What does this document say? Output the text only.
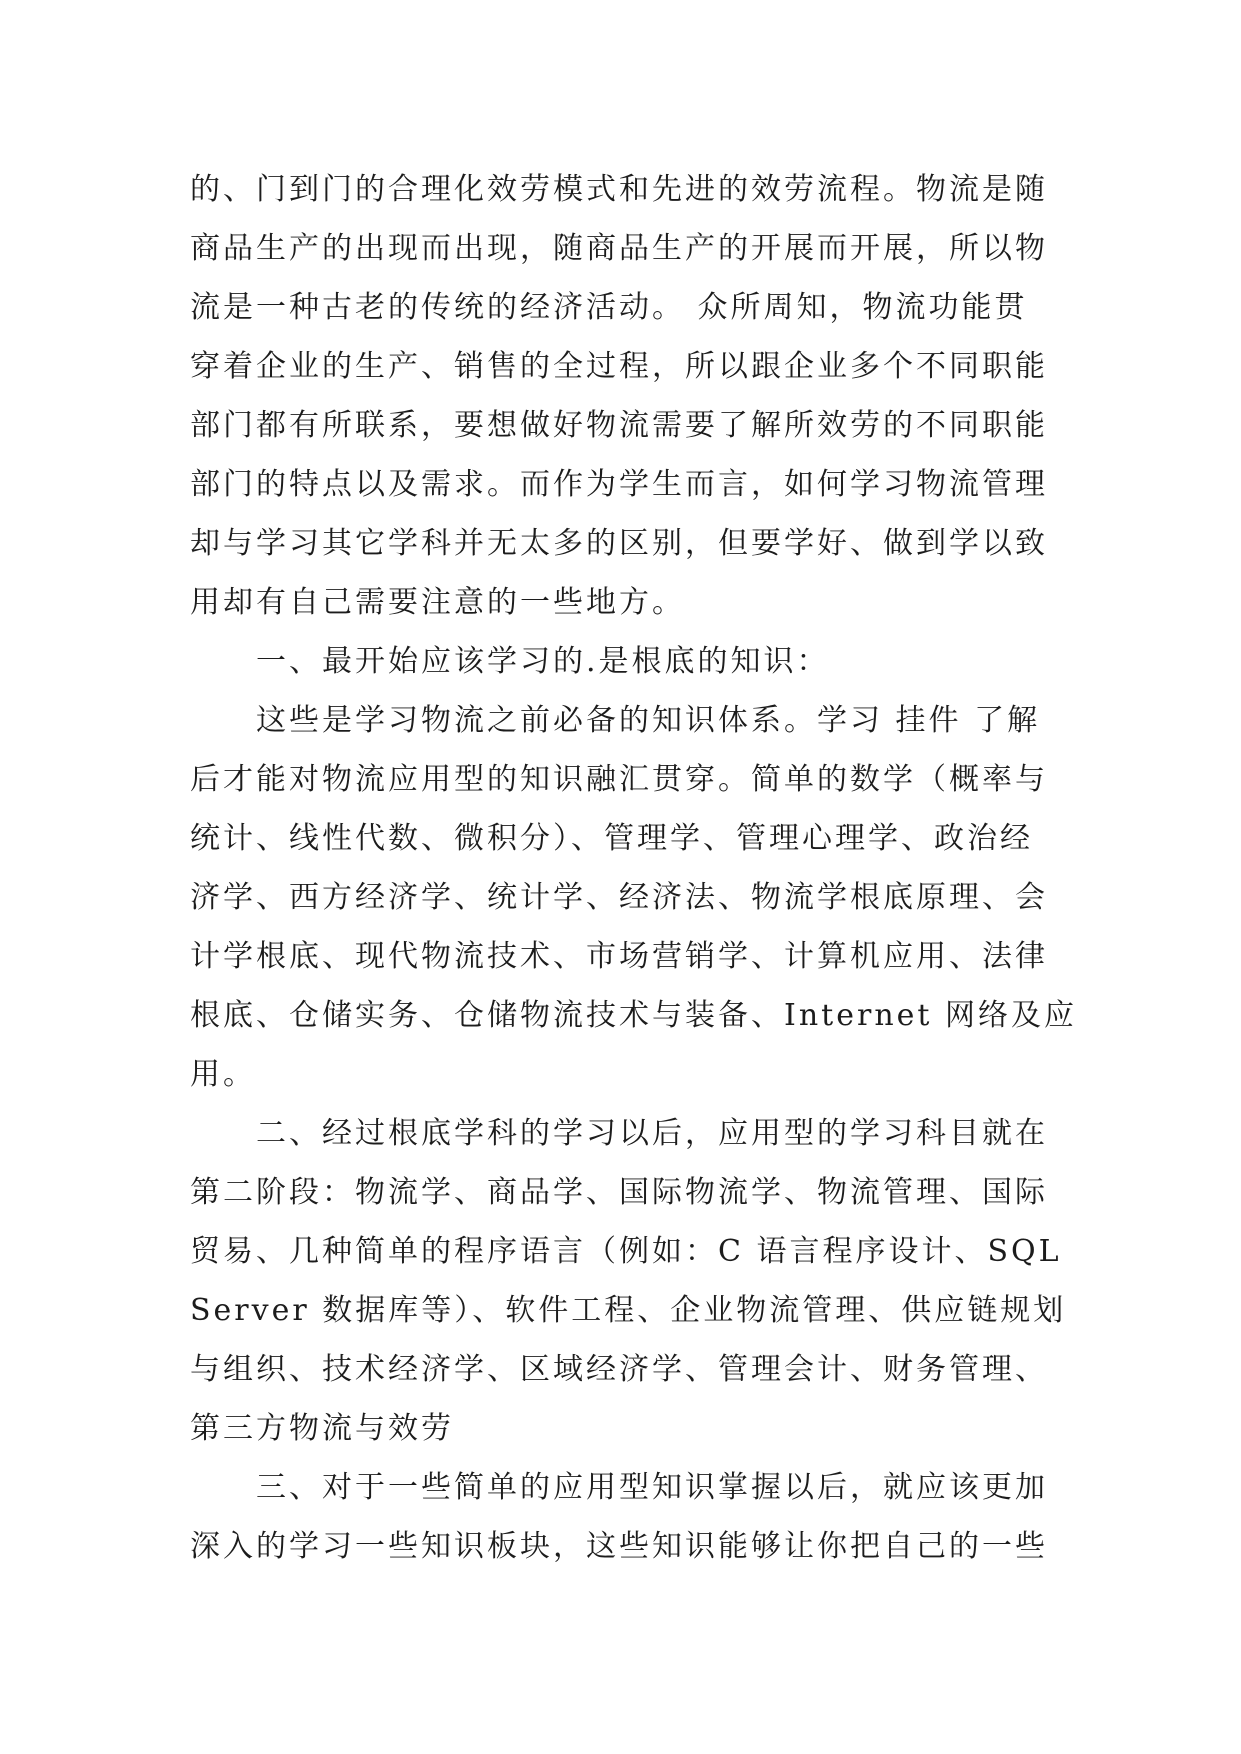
的、门到门的合理化效劳模式和先进的效劳流程。物流是随
商品生产的出现而出现，随商品生产的开展而开展，所以物
流是一种古老的传统的经济活动。 众所周知，物流功能贯
穿着企业的生产、销售的全过程，所以跟企业多个不同职能
部门都有所联系，要想做好物流需要了解所效劳的不同职能
部门的特点以及需求。而作为学生而言，如何学习物流管理
却与学习其它学科并无太多的区别，但要学好、做到学以致
用却有自己需要注意的一些地方。
一、最开始应该学习的.是根底的知识：
这些是学习物流之前必备的知识体系。学习 挂件 了解
后才能对物流应用型的知识融汇贯穿。简单的数学（概率与
统计、线性代数、微积分）、管理学、管理心理学、政治经
济学、西方经济学、统计学、经济法、物流学根底原理、会
计学根底、现代物流技术、市场营销学、计算机应用、法律
根底、仓储实务、仓储物流技术与装备、Internet 网络及应
用。
二、经过根底学科的学习以后，应用型的学习科目就在
第二阶段：物流学、商品学、国际物流学、物流管理、国际
贸易、几种简单的程序语言（例如：C 语言程序设计、SQL
Server 数据库等）、软件工程、企业物流管理、供应链规划
与组织、技术经济学、区域经济学、管理会计、财务管理、
第三方物流与效劳
三、对于一些简单的应用型知识掌握以后，就应该更加
深入的学习一些知识板块，这些知识能够让你把自己的一些
